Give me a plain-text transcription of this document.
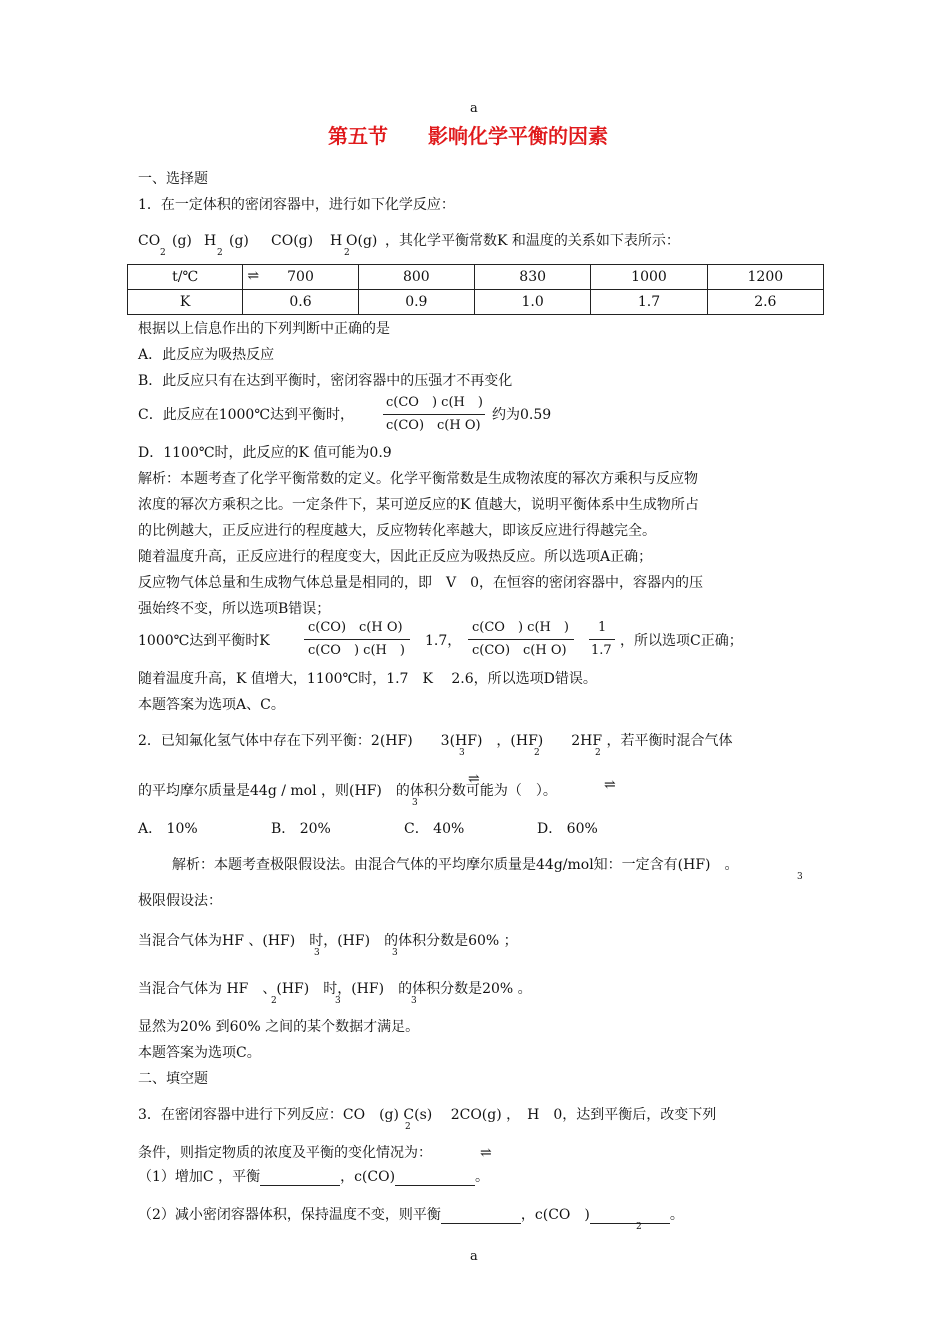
a
第五节　　影响化学平衡的因素
一、选择题
1．在一定体积的密闭容器中，进行如下化学反应：
CO
2
(g) H
2
(g) CO(g) H
2
O(g) ，其化学平衡常数K 和温度的关系如下表所示：
t/℃	⇌ 700	800	830	1000	1200
K	0.6	0.9	1.0	1.7	2.6
根据以上信息作出的下列判断中正确的是
A．此反应为吸热反应
B．此反应只有在达到平衡时，密闭容器中的压强才不再变化
C．此反应在1000℃达到平衡时，
c(CO　) c(H　)
c(CO)　c(H O)
约为0.59
D．1100℃时，此反应的K 值可能为0.9
解析：本题考查了化学平衡常数的定义。化学平衡常数是生成物浓度的幂次方乘积与反应物
浓度的幂次方乘积之比。一定条件下，某可逆反应的K 值越大，说明平衡体系中生成物所占
的比例越大，正反应进行的程度越大，反应物转化率越大，即该反应进行得越完全。
随着温度升高，正反应进行的程度变大，因此正反应为吸热反应。所以选项A正确；
反应物气体总量和生成物气体总量是相同的，即　V　0，在恒容的密闭容器中，容器内的压
强始终不变，所以选项B错误；
1000℃达到平衡时K
c(CO)　c(H O)
c(CO　) c(H　)
1.7，
c(CO　) c(H　)
c(CO)　c(H O)
1
1.7
，所以选项C正确；
随着温度升高，K 值增大，1100℃时，1.7　K　 2.6，所以选项D错误。
本题答案为选项A、C。
2．已知氟化氢气体中存在下列平衡：2(HF)　　3(HF)　，(HF)　　2HF ，若平衡时混合气体
3	2	2
的平均摩尔质量是44g / mol ，则(HF)　的体积分数可能为（　）。
3
⇌	⇌
A． 10%	B． 20%	C． 40%	D． 60%
解析：本题考查极限假设法。由混合气体的平均摩尔质量是44g/mol知：一定含有(HF)　。
3
极限假设法：
当混合气体为HF 、(HF)　时，(HF)　的体积分数是60% ；
3	3
当混合气体为 HF　、(HF)　时，(HF)　的体积分数是20% 。
2	3	3
显然为20% 到60% 之间的某个数据才满足。
本题答案为选项C。
二、填空题
3．在密闭容器中进行下列反应：CO　(g) C(s)　 2CO(g) ，　H　0，达到平衡后，改变下列
2
条件，则指定物质的浓度及平衡的变化情况为：	⇌
（1）增加C ，平衡	，c(CO)	。
（2）减小密闭容器体积，保持温度不变，则平衡	，c(CO　)	。
2
a
